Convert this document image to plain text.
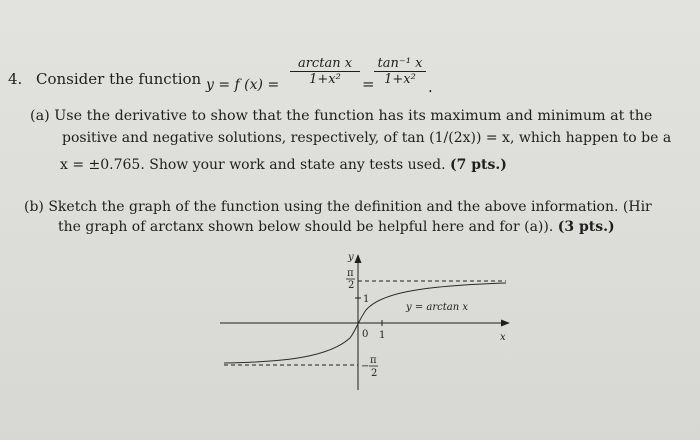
4. Consider the function y = f $(x) = \frac{\text{arctan x}}{\text{1+x²}} = \frac{\text{tan⁻¹ x}}{\text{1+x²}}$ .
(a) Use the derivative to show that the function has its maximum and minimum at the
positive and negative solutions, respectively, of tan (1/(2x)) = x, which happen to be a
x = ±0.765. Show your work and state any tests used. (7 pts.)
(b) Sketch the graph of the function using the definition and the above information. (Hir
the graph of arctanx shown below should be helpful here and for (a)). (3 pts.)
y
x
π
2
1
0 1
y = arctan x
−
π
2
